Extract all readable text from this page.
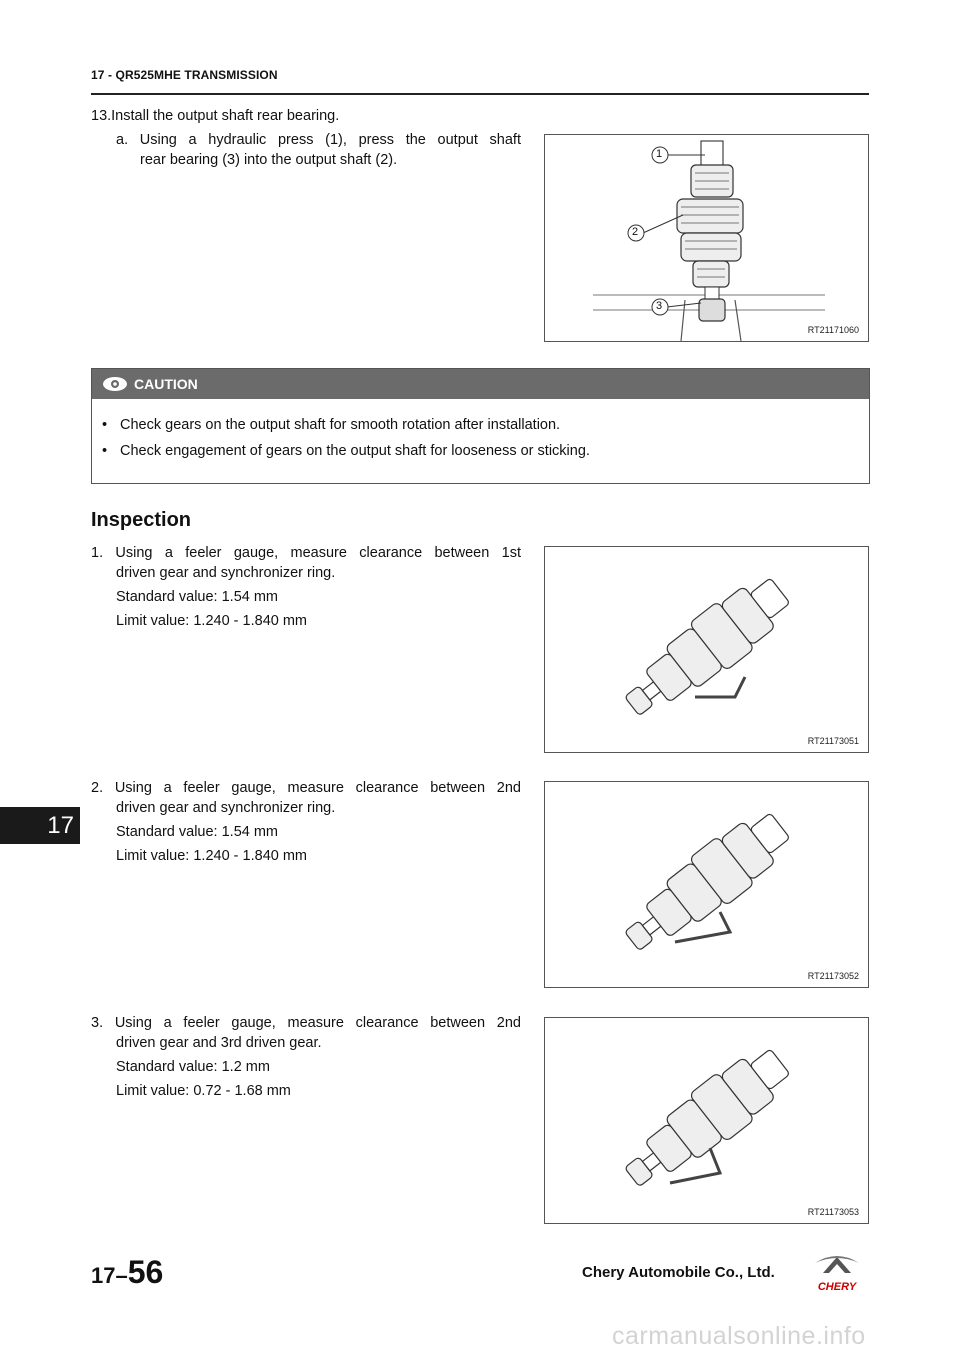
17 - QR525MHE TRANSMISSION
13.Install the output shaft rear bearing.
a. Using a hydraulic press (1), press the output shaft
rear bearing (3) into the output shaft (2).	1
2
3
RT21171060
CAUTION
• Check gears on the output shaft for smooth rotation after installation.
• Check engagement of gears on the output shaft for looseness or sticking.
Inspection
1. Using a feeler gauge, measure clearance between 1st
driven gear and synchronizer ring.
Standard value: 1.54 mm
Limit value: 1.240 - 1.840 mm
RT21173051
2. Using a feeler gauge, measure clearance between 2nd
driven gear and synchronizer ring.
Standard value: 1.54 mm
Limit value: 1.240 - 1.840 mm
RT21173052
3. Using a feeler gauge, measure clearance between 2nd
driven gear and 3rd driven gear.
Standard value: 1.2 mm
Limit value: 0.72 - 1.68 mm
RT21173053
17
17–56	Chery Automobile Co., Ltd.
CHERY
carmanualsonline.info
